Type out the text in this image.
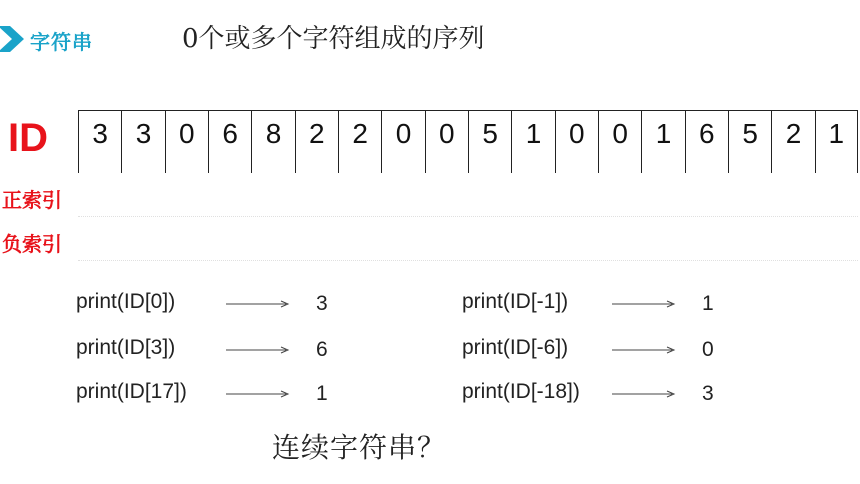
字符串	0个或多个字符组成的序列
ID
正索引
负索引
3 3 0 6 8 2 2 0 0 5 1 0 0 1 6 5 2 1
print(ID[0])	3
print(ID[3])	6
print(ID[17])	1
print(ID[-1])	1
print(ID[-6])	0
print(ID[-18])	3
连续字符串？
